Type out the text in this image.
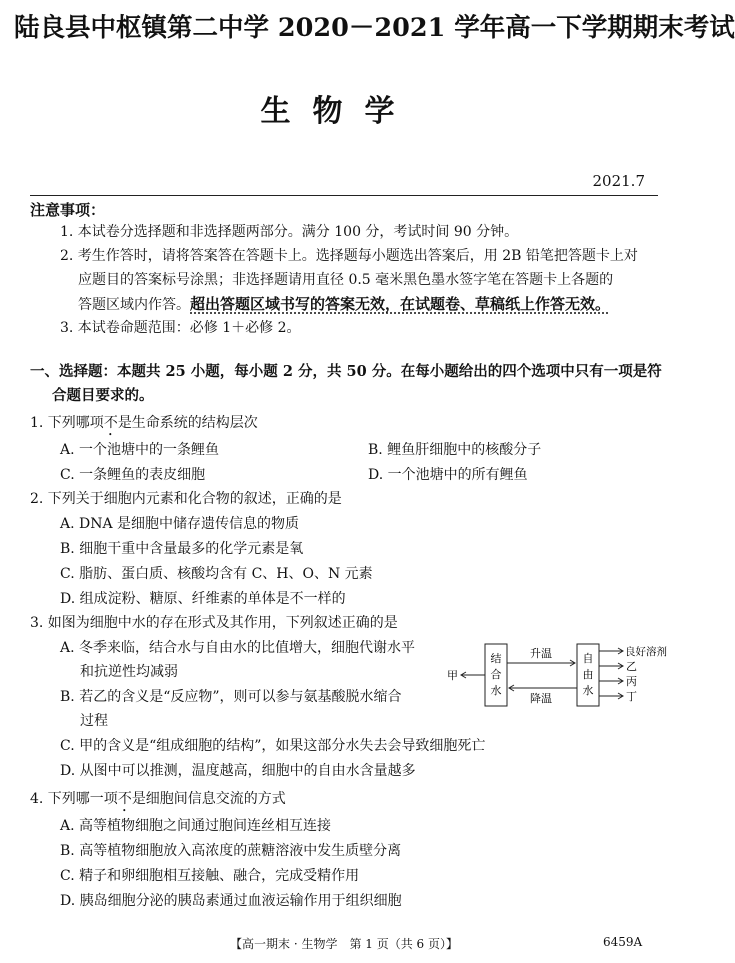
陆良县中枢镇第二中学 2020－2021 学年高一下学期期末考试
生物学
2021.7
注意事项：
1. 本试卷分选择题和非选择题两部分。满分 100 分，考试时间 90 分钟。
2. 考生作答时，请将答案答在答题卡上。选择题每小题选出答案后，用 2B 铅笔把答题卡上对
应题目的答案标号涂黑；非选择题请用直径 0.5 毫米黑色墨水签字笔在答题卡上各题的
答题区域内作答。超出答题区域书写的答案无效，在试题卷、草稿纸上作答无效。
3. 本试卷命题范围：必修 1＋必修 2。
一、选择题：本题共 25 小题，每小题 2 分，共 50 分。在每小题给出的四个选项中只有一项是符
合题目要求的。
1. 下列哪项不是生命系统的结构层次
A. 一个池塘中的一条鲤鱼	B. 鲤鱼肝细胞中的核酸分子
C. 一条鲤鱼的表皮细胞	D. 一个池塘中的所有鲤鱼
2. 下列关于细胞内元素和化合物的叙述，正确的是
A. DNA 是细胞中储存遗传信息的物质
B. 细胞干重中含量最多的化学元素是氧
C. 脂肪、蛋白质、核酸均含有 C、H、O、N 元素
D. 组成淀粉、糖原、纤维素的单体是不一样的
3. 如图为细胞中水的存在形式及其作用，下列叙述正确的是
A. 冬季来临，结合水与自由水的比值增大，细胞代谢水平
和抗逆性均减弱
B. 若乙的含义是“反应物”，则可以参与氨基酸脱水缩合
过程
C. 甲的含义是“组成细胞的结构”，如果这部分水失去会导致细胞死亡
D. 从图中可以推测，温度越高，细胞中的自由水含量越多
结
合
水
自
由
水
升温
降温
甲
良好溶剂
乙
丙
丁
4. 下列哪一项不是细胞间信息交流的方式
A. 高等植物细胞之间通过胞间连丝相互连接
B. 高等植物细胞放入高浓度的蔗糖溶液中发生质壁分离
C. 精子和卵细胞相互接触、融合，完成受精作用
D. 胰岛细胞分泌的胰岛素通过血液运输作用于组织细胞
【高一期末 · 生物学　第 1 页（共 6 页）】	6459A
